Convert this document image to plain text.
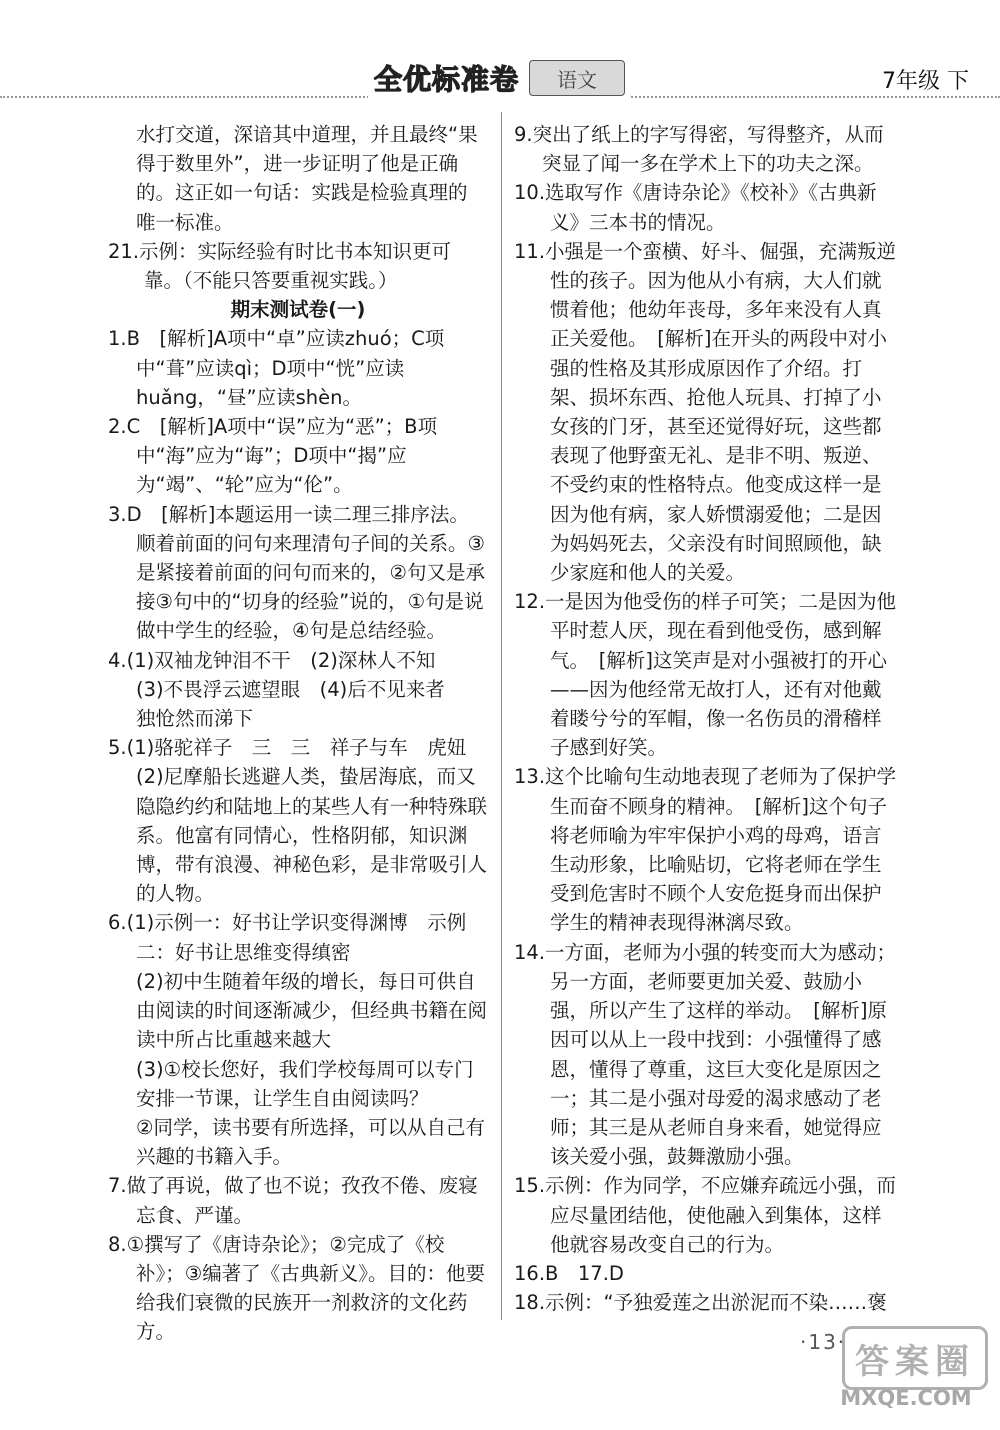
全优标准卷	语文	7年级 下
水打交道，深谙其中道理，并且最终“果
得于数里外”，进一步证明了他是正确
的。这正如一句话：实践是检验真理的
唯一标准。
21.示例：实际经验有时比书本知识更可靠。（不能只答要重视实践。）
期末测试卷(一)
1.B　[解析]A项中“卓”应读zhuó；C项中“葺”应读qì；D项中“恍”应读huǎng，“昼”应读shèn。
2.C　[解析]A项中“误”应为“恶”；B项中“海”应为“诲”；D项中“揭”应为“竭”、“轮”应为“伦”。
3.D　[解析]本题运用一读二理三排序法。顺着前面的问句来理清句子间的关系。③是紧接着前面的问句而来的，②句又是承接③句中的“切身的经验”说的，①句是说做中学生的经验，④句是总结经验。
4.(1)双袖龙钟泪不干　(2)深林人不知
(3)不畏浮云遮望眼　(4)后不见来者
独怆然而涕下
5.(1)骆驼祥子　三　三　祥子与车　虎妞　(2)尼摩船长逃避人类，蛰居海底，而又隐隐约约和陆地上的某些人有一种特殊联系。他富有同情心，性格阴郁，知识渊博，带有浪漫、神秘色彩，是非常吸引人的人物。
6.(1)示例一：好书让学识变得渊博　示例二：好书让思维变得缜密
(2)初中生随着年级的增长，每日可供自由阅读的时间逐渐减少，但经典书籍在阅读中所占比重越来越大
(3)①校长您好，我们学校每周可以专门安排一节课，让学生自由阅读吗？
②同学，读书要有所选择，可以从自己有兴趣的书籍入手。
7.做了再说，做了也不说；孜孜不倦、废寝忘食、严谨。
8.①撰写了《唐诗杂论》；②完成了《校补》；③编著了《古典新义》。目的：他要给我们衰微的民族开一剂救济的文化药方。
9.突出了纸上的字写得密，写得整齐，从而突显了闻一多在学术上下的功夫之深。
10.选取写作《唐诗杂论》《校补》《古典新义》三本书的情况。
11.小强是一个蛮横、好斗、倔强，充满叛逆性的孩子。因为他从小有病，大人们就惯着他；他幼年丧母，多年来没有人真正关爱他。　[解析]在开头的两段中对小强的性格及其形成原因作了介绍。打架、损坏东西、抢他人玩具、打掉了小女孩的门牙，甚至还觉得好玩，这些都表现了他野蛮无礼、是非不明、叛逆、不受约束的性格特点。他变成这样一是因为他有病，家人娇惯溺爱他；二是因为妈妈死去，父亲没有时间照顾他，缺少家庭和他人的关爱。
12.一是因为他受伤的样子可笑；二是因为他平时惹人厌，现在看到他受伤，感到解气。　[解析]这笑声是对小强被打的开心——因为他经常无故打人，还有对他戴着䁖兮兮的军帽，像一名伤员的滑稽样子感到好笑。
13.这个比喻句生动地表现了老师为了保护学生而奋不顾身的精神。　[解析]这个句子将老师喻为牢牢保护小鸡的母鸡，语言生动形象，比喻贴切，它将老师在学生受到危害时不顾个人安危挺身而出保护学生的精神表现得淋漓尽致。
14.一方面，老师为小强的转变而大为感动；另一方面，老师要更加关爱、鼓励小强，所以产生了这样的举动。　[解析]原因可以从上一段中找到：小强懂得了感恩，懂得了尊重，这巨大变化是原因之一；其二是小强对母爱的渴求感动了老师；其三是从老师自身来看，她觉得应该关爱小强，鼓舞激励小强。
15.示例：作为同学，不应嫌弃疏远小强，而应尽量团结他，使他融入到集体，这样他就容易改变自己的行为。
16.B　17.D
18.示例：“予独爱莲之出淤泥而不染……褒
·13· 答案圈
MXQE.COM
